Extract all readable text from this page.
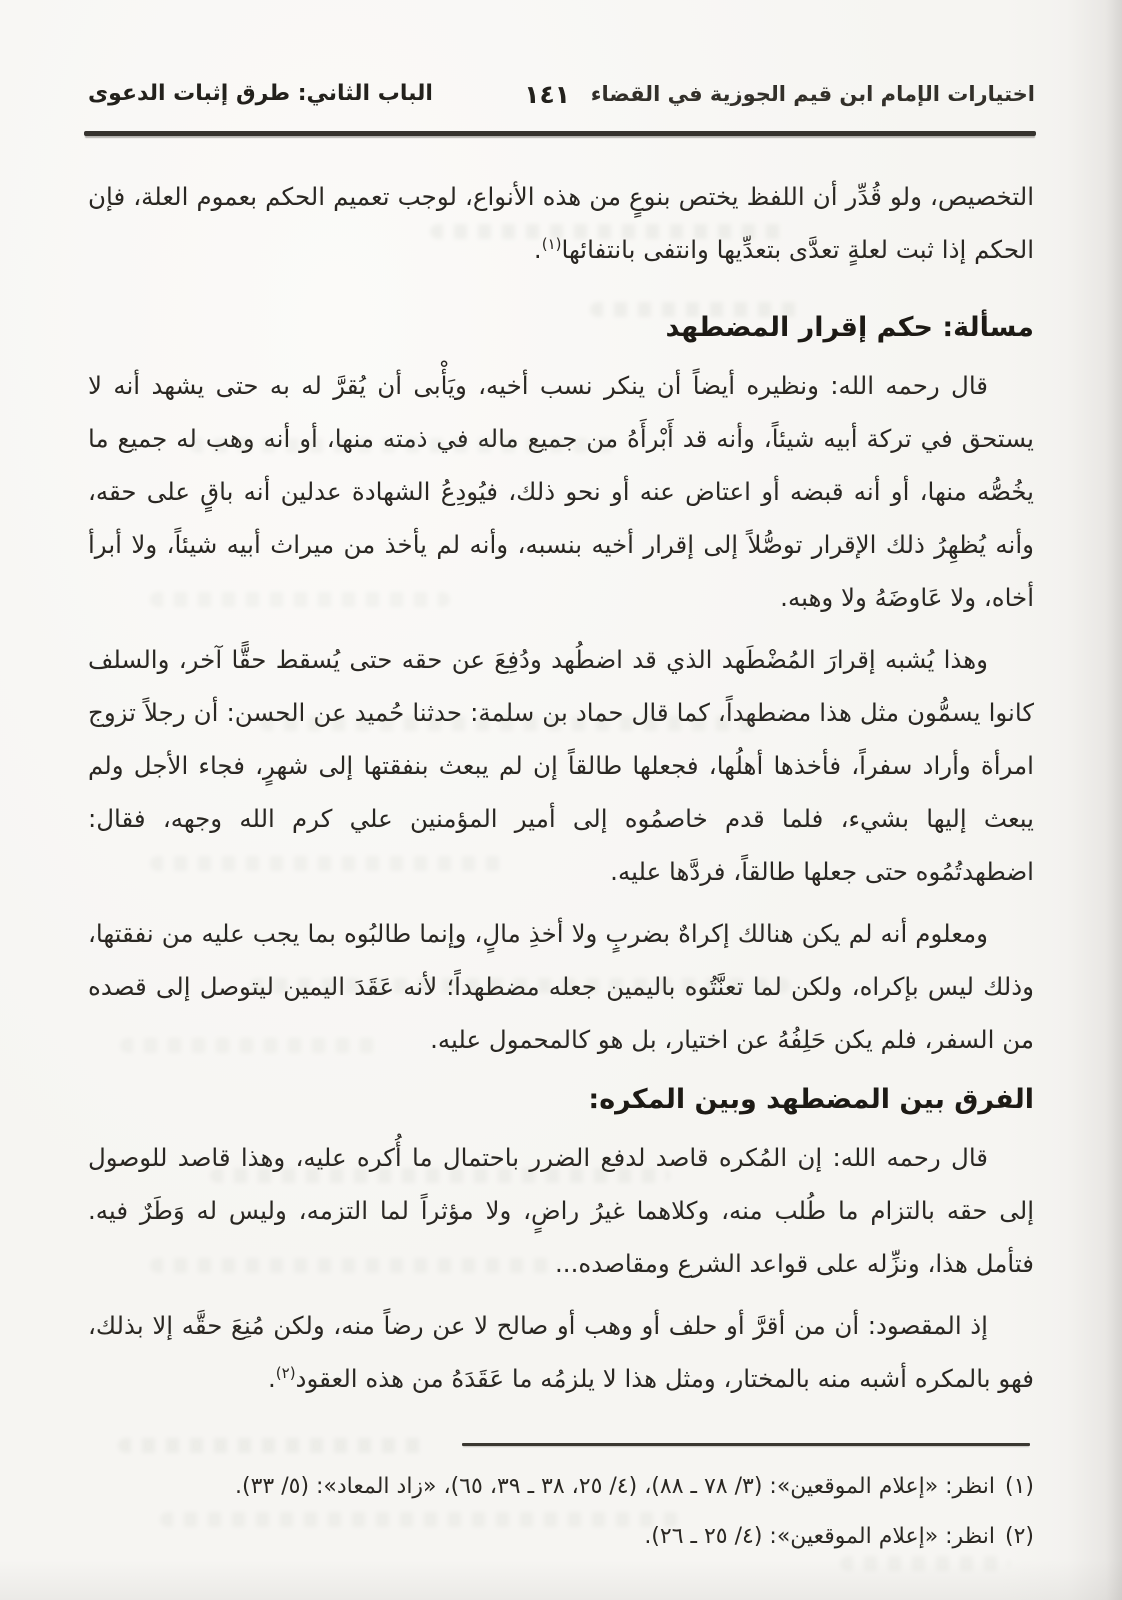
اختيارات الإمام ابن قيم الجوزية في القضاء
١٤١
الباب الثاني: طرق إثبات الدعوى

التخصيص، ولو قُدِّر أن اللفظ يختص بنوعٍ من هذه الأنواع، لوجب تعميم الحكم بعموم العلة، فإن الحكم إذا ثبت لعلةٍ تعدَّى بتعدِّيها وانتفى بانتفائها$^{(١)}$.

مسألة: حكم إقرار المضطهد

قال رحمه الله: ونظيره أيضاً أن ينكر نسب أخيه، ويَأْبى أن يُقرَّ له به حتى يشهد أنه لا يستحق في تركة أبيه شيئاً، وأنه قد أَبْرأَهُ من جميع ماله في ذمته منها، أو أنه وهب له جميع ما يخُصُّه منها، أو أنه قبضه أو اعتاض عنه أو نحو ذلك، فيُودِعُ الشهادة عدلين أنه باقٍ على حقه، وأنه يُظهِرُ ذلك الإقرار توصُّلاً إلى إقرار أخيه بنسبه، وأنه لم يأخذ من ميراث أبيه شيئاً، ولا أبرأ أخاه، ولا عَاوضَهُ ولا وهبه.

وهذا يُشبه إقرارَ المُضْطَهد الذي قد اضطُهد ودُفِعَ عن حقه حتى يُسقط حقًّا آخر، والسلف كانوا يسمُّون مثل هذا مضطهداً، كما قال حماد بن سلمة: حدثنا حُميد عن الحسن: أن رجلاً تزوج امرأة وأراد سفراً، فأخذها أهلُها، فجعلها طالقاً إن لم يبعث بنفقتها إلى شهرٍ، فجاء الأجل ولم يبعث إليها بشيء، فلما قدم خاصمُوه إلى أمير المؤمنين علي كرم الله وجهه، فقال: اضطهدتُمُوه حتى جعلها طالقاً، فردَّها عليه.

ومعلوم أنه لم يكن هنالك إكراهٌ بضربٍ ولا أخذِ مالٍ، وإنما طالبُوه بما يجب عليه من نفقتها، وذلك ليس بإكراه، ولكن لما تعنَّتُوه باليمين جعله مضطهداً؛ لأنه عَقَدَ اليمين ليتوصل إلى قصده من السفر، فلم يكن حَلِفُهُ عن اختيار، بل هو كالمحمول عليه.

الفرق بين المضطهد وبين المكره:

قال رحمه الله: إن المُكره قاصد لدفع الضرر باحتمال ما أُكره عليه، وهذا قاصد للوصول إلى حقه بالتزام ما طُلب منه، وكلاهما غيرُ راضٍ، ولا مؤثراً لما التزمه، وليس له وَطَرٌ فيه. فتأمل هذا، ونزِّله على قواعد الشرع ومقاصده...

إذ المقصود: أن من أقرَّ أو حلف أو وهب أو صالح لا عن رضاً منه، ولكن مُنِعَ حقَّه إلا بذلك، فهو بالمكره أشبه منه بالمختار، ومثل هذا لا يلزمُه ما عَقَدَهُ من هذه العقود$^{(٢)}$.

(١)انظر: «إعلام الموقعين»: (٣/ ٧٨ ـ ٨٨)، (٤/ ٢٥، ٣٨ ـ ٣٩، ٦٥)، «زاد المعاد»: (٥/ ٣٣).
(٢)انظر: «إعلام الموقعين»: (٤/ ٢٥ ـ ٢٦).
